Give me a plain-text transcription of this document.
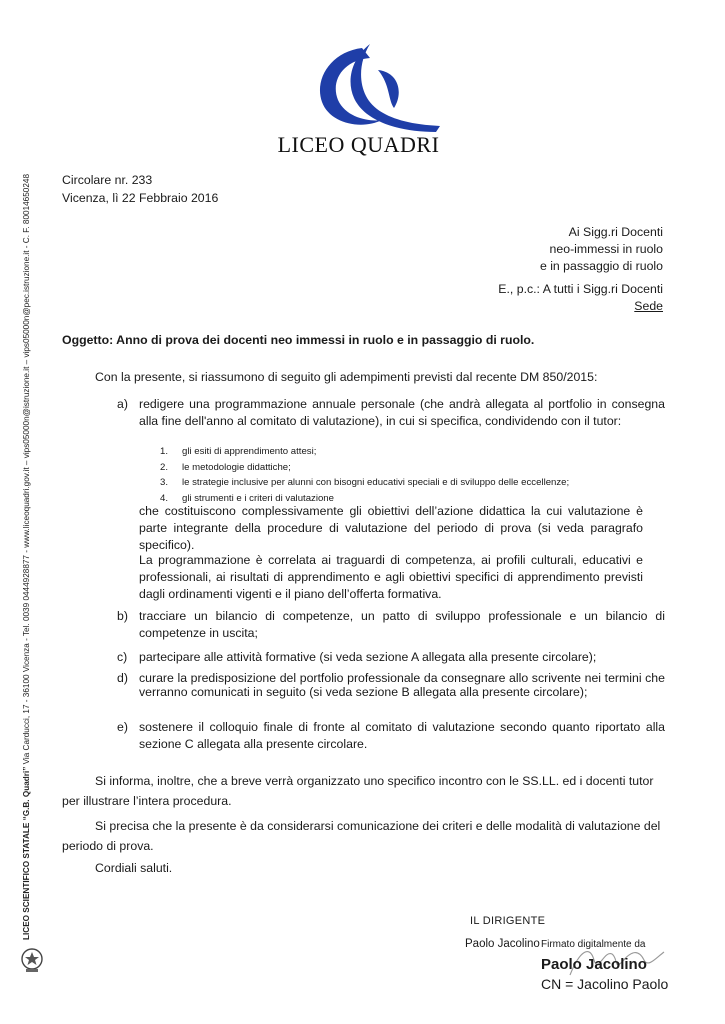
LICEO QUADRI
LICEO SCIENTIFICO STATALE “G.B. Quadri” Via Carducci, 17 - 36100 Vicenza - Tel. 0039 0444928877 - www.liceoquadri.gov.it – vips05000n@istruzione.it – vips05000n@pec.istruzione.it - C. F. 80014650248	Circolare nr. 233
Vicenza, lì 22 Febbraio 2016
Ai Sigg.ri Docenti
neo-immessi in ruolo
e in passaggio di ruolo
E., p.c.: A tutti i Sigg.ri Docenti
Sede
Oggetto: Anno di prova dei docenti neo immessi in ruolo e in passaggio di ruolo.
Con la presente, si riassumono di seguito gli adempimenti previsti dal recente DM 850/2015:
a) redigere una programmazione annuale personale (che andrà allegata al portfolio in consegna alla fine dell'anno al comitato di valutazione), in cui si specifica, condividendo con il tutor:
1. gli esiti di apprendimento attesi;
2. le metodologie didattiche;
3. le strategie inclusive per alunni con bisogni educativi speciali e di sviluppo delle eccellenze;
4. gli strumenti e i criteri di valutazione
che costituiscono complessivamente gli obiettivi dell’azione didattica la cui valutazione è parte integrante della procedure di valutazione del periodo di prova (si veda paragrafo specifico).
La programmazione è correlata ai traguardi di competenza, ai profili culturali, educativi e professionali, ai risultati di apprendimento e agli obiettivi specifici di apprendimento previsti dagli ordinamenti vigenti e il piano dell’offerta formativa.
b) tracciare un bilancio di competenze, un patto di sviluppo professionale e un bilancio di competenze in uscita;
c) partecipare alle attività formative (si veda sezione A allegata alla presente circolare);
d) curare la predisposizione del portfolio professionale da consegnare allo scrivente nei termini che verranno comunicati in seguito (si veda sezione B allegata alla presente circolare);
e) sostenere il colloquio finale di fronte al comitato di valutazione secondo quanto riportato alla sezione C allegata alla presente circolare.
Si informa, inoltre, che a breve verrà organizzato uno specifico incontro con le SS.LL. ed i docenti tutor per illustrare l’intera procedura.
Si precisa che la presente è da considerarsi comunicazione dei criteri e delle modalità di valutazione del periodo di prova.
Cordiali saluti.
IL DIRIGENTE
Paolo Jacolino Firmato digitalmente da
Paolo Jacolino
CN = Jacolino Paolo
